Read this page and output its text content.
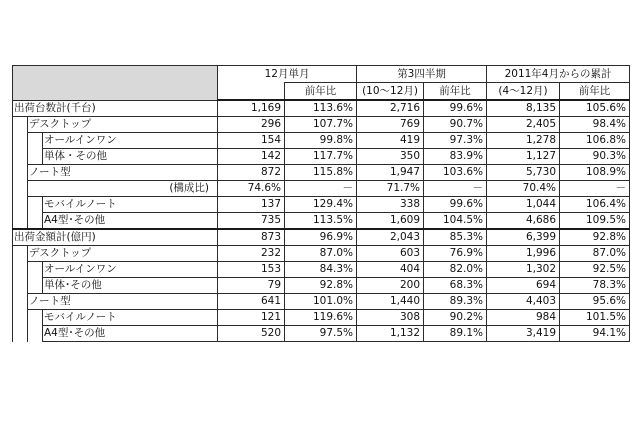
			12月単月		第3四半期		2011年4月からの累計	
				前年比	(10～12月)	前年比	(4～12月)	前年比
出荷台数計(千台)			1,169	113.6%	2,716	99.6%	8,135	105.6%
	デスクトップ		296	107.7%	769	90.7%	2,405	98.4%
		オールインワン	154	99.8%	419	97.3%	1,278	106.8%
		単体・その他	142	117.7%	350	83.9%	1,127	90.3%
	ノート型		872	115.8%	1,947	103.6%	5,730	108.9%
	(構成比)		74.6%	－	71.7%	－	70.4%	－
		モバイルノート	137	129.4%	338	99.6%	1,044	106.4%
		A4型･その他	735	113.5%	1,609	104.5%	4,686	109.5%
出荷金額計(億円)			873	96.9%	2,043	85.3%	6,399	92.8%
	デスクトップ		232	87.0%	603	76.9%	1,996	87.0%
		オールインワン	153	84.3%	404	82.0%	1,302	92.5%
		単体･その他	79	92.8%	200	68.3%	694	78.3%
	ノート型		641	101.0%	1,440	89.3%	4,403	95.6%
		モバイルノート	121	119.6%	308	90.2%	984	101.5%
		A4型･その他	520	97.5%	1,132	89.1%	3,419	94.1%
